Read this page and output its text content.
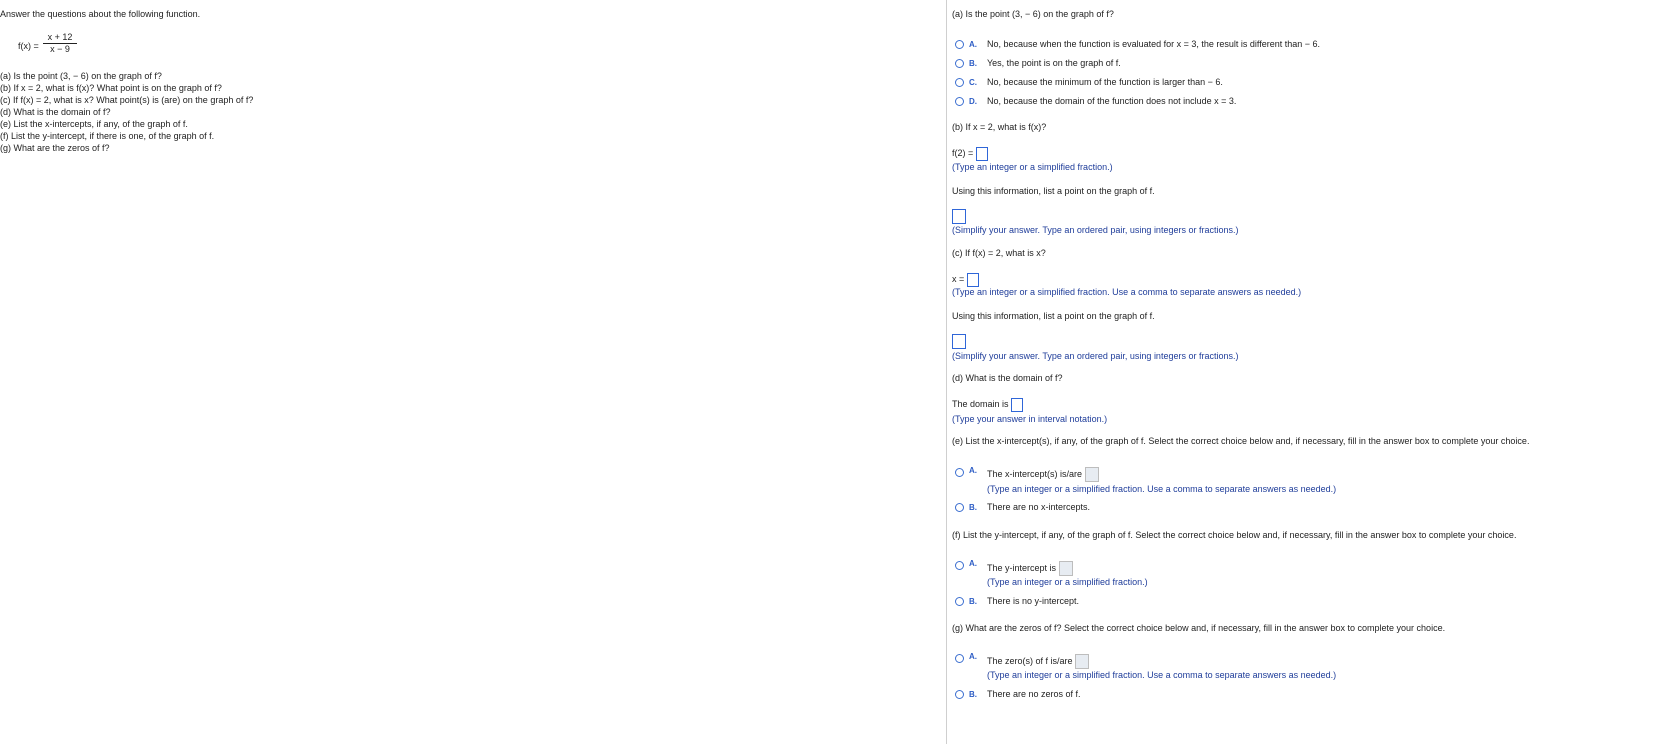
Answer the questions about the following function.
f(x) =
x + 12
x − 9
(a) Is the point (3, − 6) on the graph of f?
(b) If x = 2, what is f(x)? What point is on the graph of f?
(c) If f(x) = 2, what is x? What point(s) is (are) on the graph of f?
(d) What is the domain of f?
(e) List the x-intercepts, if any, of the graph of f.
(f) List the y-intercept, if there is one, of the graph of f.
(g) What are the zeros of f?
(a) Is the point (3, − 6) on the graph of f?
A. No, because when the function is evaluated for x = 3, the result is different than − 6.
B. Yes, the point is on the graph of f.
C. No, because the minimum of the function is larger than − 6.
D. No, because the domain of the function does not include x = 3.
(b) If x = 2, what is f(x)?
f(2) =
(Type an integer or a simplified fraction.)
Using this information, list a point on the graph of f.
(Simplify your answer. Type an ordered pair, using integers or fractions.)
(c) If f(x) = 2, what is x?
x =
(Type an integer or a simplified fraction. Use a comma to separate answers as needed.)
Using this information, list a point on the graph of f.
(Simplify your answer. Type an ordered pair, using integers or fractions.)
(d) What is the domain of f?
The domain is
(Type your answer in interval notation.)
(e) List the x-intercept(s), if any, of the graph of f. Select the correct choice below and, if necessary, fill in the answer box to complete your choice.
A. The x-intercept(s) is/are
(Type an integer or a simplified fraction. Use a comma to separate answers as needed.)
B. There are no x-intercepts.
(f) List the y-intercept, if any, of the graph of f. Select the correct choice below and, if necessary, fill in the answer box to complete your choice.
A. The y-intercept is
(Type an integer or a simplified fraction.)
B. There is no y-intercept.
(g) What are the zeros of f? Select the correct choice below and, if necessary, fill in the answer box to complete your choice.
A. The zero(s) of f is/are
(Type an integer or a simplified fraction. Use a comma to separate answers as needed.)
B. There are no zeros of f.
